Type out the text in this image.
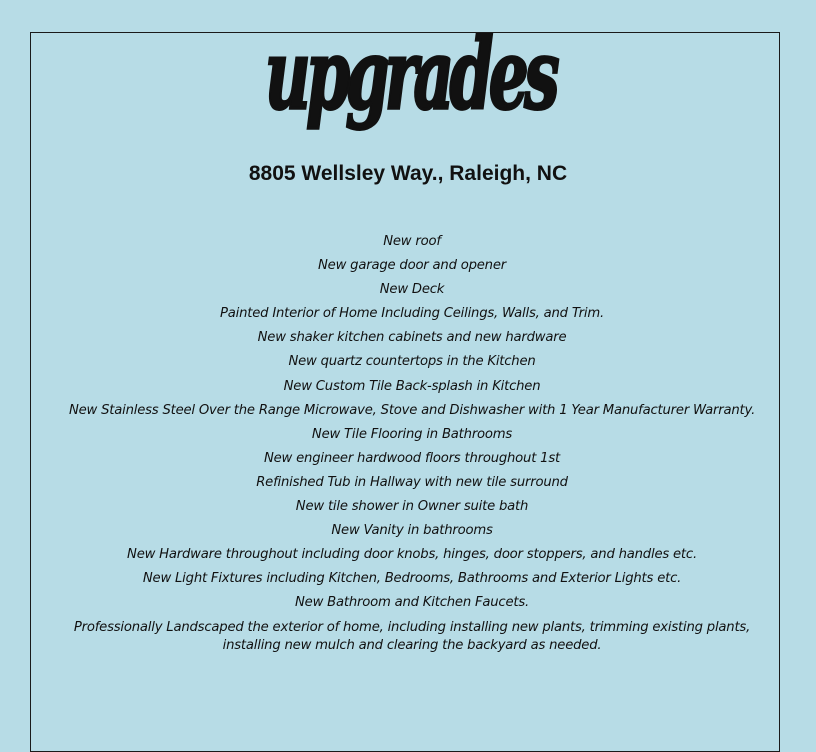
upgrades
8805 Wellsley Way., Raleigh, NC
New roof
New garage door and opener
New Deck
Painted Interior of Home Including Ceilings, Walls, and Trim.
New shaker kitchen cabinets and new hardware
New quartz countertops in the Kitchen
New Custom Tile Back-splash in Kitchen
New Stainless Steel Over the Range Microwave, Stove and Dishwasher with 1 Year Manufacturer Warranty.
New Tile Flooring in Bathrooms
New engineer hardwood floors throughout 1st
Refinished Tub in Hallway with new tile surround
New tile shower in Owner suite bath
New Vanity in bathrooms
New Hardware throughout including door knobs, hinges, door stoppers, and handles etc.
New Light Fixtures including Kitchen, Bedrooms, Bathrooms and Exterior Lights etc.
New Bathroom and Kitchen Faucets.
Professionally Landscaped the exterior of home, including installing new plants, trimming existing plants, installing new mulch and clearing the backyard as needed.
